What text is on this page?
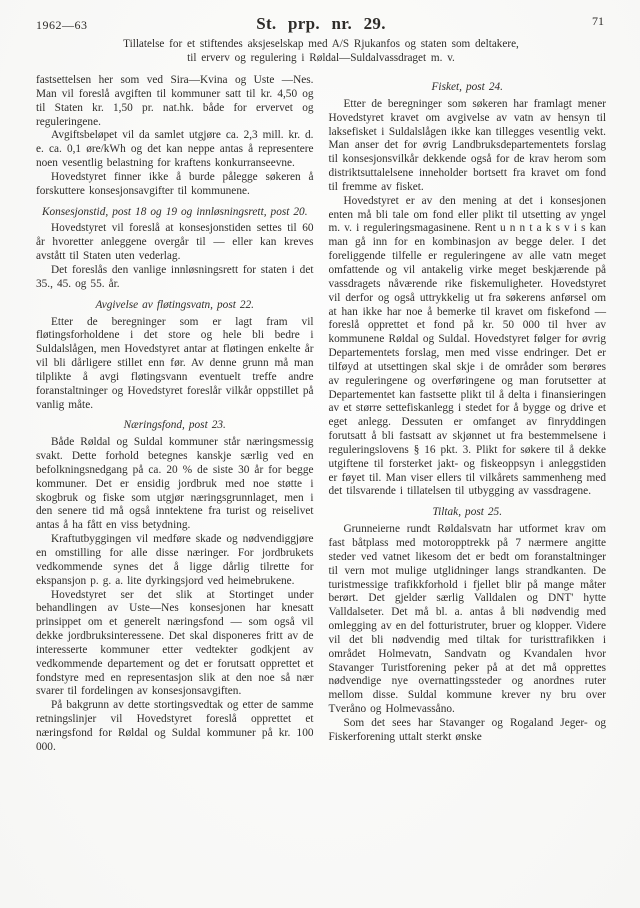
1962—63	St. prp. nr. 29.	71
Tillatelse for et stiftendes aksjeselskap med A/S Rjukanfos og staten som deltakere,
til erverv og regulering i Røldal—Suldalvassdraget m. v.

fastsettelsen her som ved Sira—Kvina og Uste —Nes. Man vil foreslå avgiften til kommuner satt til kr. 4,50 og til Staten kr. 1,50 pr. nat.hk. både for ervervet og reguleringene.

Avgiftsbeløpet vil da samlet utgjøre ca. 2,3 mill. kr. d. e. ca. 0,1 øre/kWh og det kan neppe antas å representere noen vesentlig belastning for kraftens konkurranseevne.

Hovedstyret finner ikke å burde pålegge søkeren å forskuttere konsesjonsavgifter til kommunene.

Konsesjonstid, post 18 og 19 og innløsningsrett, post 20.

Hovedstyret vil foreslå at konsesjonstiden settes til 60 år hvoretter anleggene overgår til — eller kan kreves avstått til Staten uten vederlag.

Det foreslås den vanlige innløsningsrett for staten i det 35., 45. og 55. år.

Avgivelse av fløtingsvatn, post 22.

Etter de beregninger som er lagt fram vil fløtingsforholdene i det store og hele bli bedre i Suldalslågen, men Hovedstyret antar at fløtingen enkelte år vil bli dårligere stillet enn før. Av denne grunn må man tilplikte å avgi fløtingsvann eventuelt treffe andre foranstaltninger og Hovedstyret foreslår vilkår oppstillet på vanlig måte.

Næringsfond, post 23.

Både Røldal og Suldal kommuner står næringsmessig svakt. Dette forhold betegnes kanskje særlig ved en befolkningsnedgang på ca. 20 % de siste 30 år for begge kommuner. Det er ensidig jordbruk med noe støtte i skogbruk og fiske som utgjør næringsgrunnlaget, men i den senere tid må også inntektene fra turist og reiselivet antas å ha fått en viss betydning.

Kraftutbyggingen vil medføre skade og nødvendiggjøre en omstilling for alle disse næringer. For jordbrukets vedkommende synes det å ligge dårlig tilrette for ekspansjon p. g. a. lite dyrkingsjord ved heimebrukene.

Hovedstyret ser det slik at Stortinget under behandlingen av Uste—Nes konsesjonen har knesatt prinsippet om et generelt næringsfond — som også vil dekke jordbruksinteressene. Det skal disponeres fritt av de interesserte kommuner etter vedtekter godkjent av vedkommende departement og det er forutsatt opprettet et fondstyre med en representasjon slik at den noe så nær svarer til fordelingen av konsesjonsavgiften.

På bakgrunn av dette stortingsvedtak og etter de samme retningslinjer vil Hovedstyret foreslå opprettet et næringsfond for Røldal og Suldal kommuner på kr. 100 000.

Fisket, post 24.

Etter de beregninger som søkeren har framlagt mener Hovedstyret kravet om avgivelse av vatn av hensyn til laksefisket i Suldalslågen ikke kan tillegges vesentlig vekt. Man anser det for øvrig Landbruksdepartementets forslag til konsesjonsvilkår dekkende også for de krav herom som distriktsuttalelsene inneholder bortsett fra kravet om fond til fremme av fisket.

Hovedstyret er av den mening at det i konsesjonen enten må bli tale om fond eller plikt til utsetting av yngel m. v. i reguleringsmagasinene. Rent u n n t a k s v i s kan man gå inn for en kombinasjon av begge deler. I det foreliggende tilfelle er reguleringene av alle vatn meget omfattende og vil antakelig virke meget beskjærende på vassdragets nåværende rike fiskemuligheter. Hovedstyret vil derfor og også uttrykkelig ut fra søkerens anførsel om at han ikke har noe å bemerke til kravet om fiskefond — foreslå opprettet et fond på kr. 50 000 til hver av kommunene Røldal og Suldal. Hovedstyret følger for øvrig Departementets forslag, men med visse endringer. Det er tilføyd at utsettingen skal skje i de områder som berøres av reguleringene og overføringene og man forutsetter at Departementet kan fastsette plikt til å delta i finansieringen av et større settefiskanlegg i stedet for å bygge og drive et eget anlegg. Dessuten er omfanget av finryddingen forutsatt å bli fastsatt av skjønnet ut fra bestemmelsene i reguleringslovens § 16 pkt. 3. Plikt for søkere til å dekke utgiftene til forsterket jakt- og fiskeoppsyn i anleggstiden er føyet til. Man viser ellers til vilkårets sammenheng med det tilsvarende i tillatelsen til utbygging av vassdragene.

Tiltak, post 25.

Grunneierne rundt Røldalsvatn har utformet krav om fast båtplass med motoropptrekk på 7 nærmere angitte steder ved vatnet likesom det er bedt om foranstaltninger til vern mot mulige utglidninger langs strandkanten. De turistmessige trafikkforhold i fjellet blir på mange måter berørt. Det gjelder særlig Valldalen og DNT' hytte Valldalseter. Det må bl. a. antas å bli nødvendig med omlegging av en del fotturistruter, bruer og klopper. Videre vil det bli nødvendig med tiltak for turisttrafikken i området Holmevatn, Sandvatn og Kvandalen hvor Stavanger Turistforening peker på at det må opprettes nødvendige nye overnattingssteder og anordnes ruter mellom disse. Suldal kommune krever ny bru over Tveråno og Holmevassåno.

Som det sees har Stavanger og Rogaland Jeger- og Fiskerforening uttalt sterkt ønske
